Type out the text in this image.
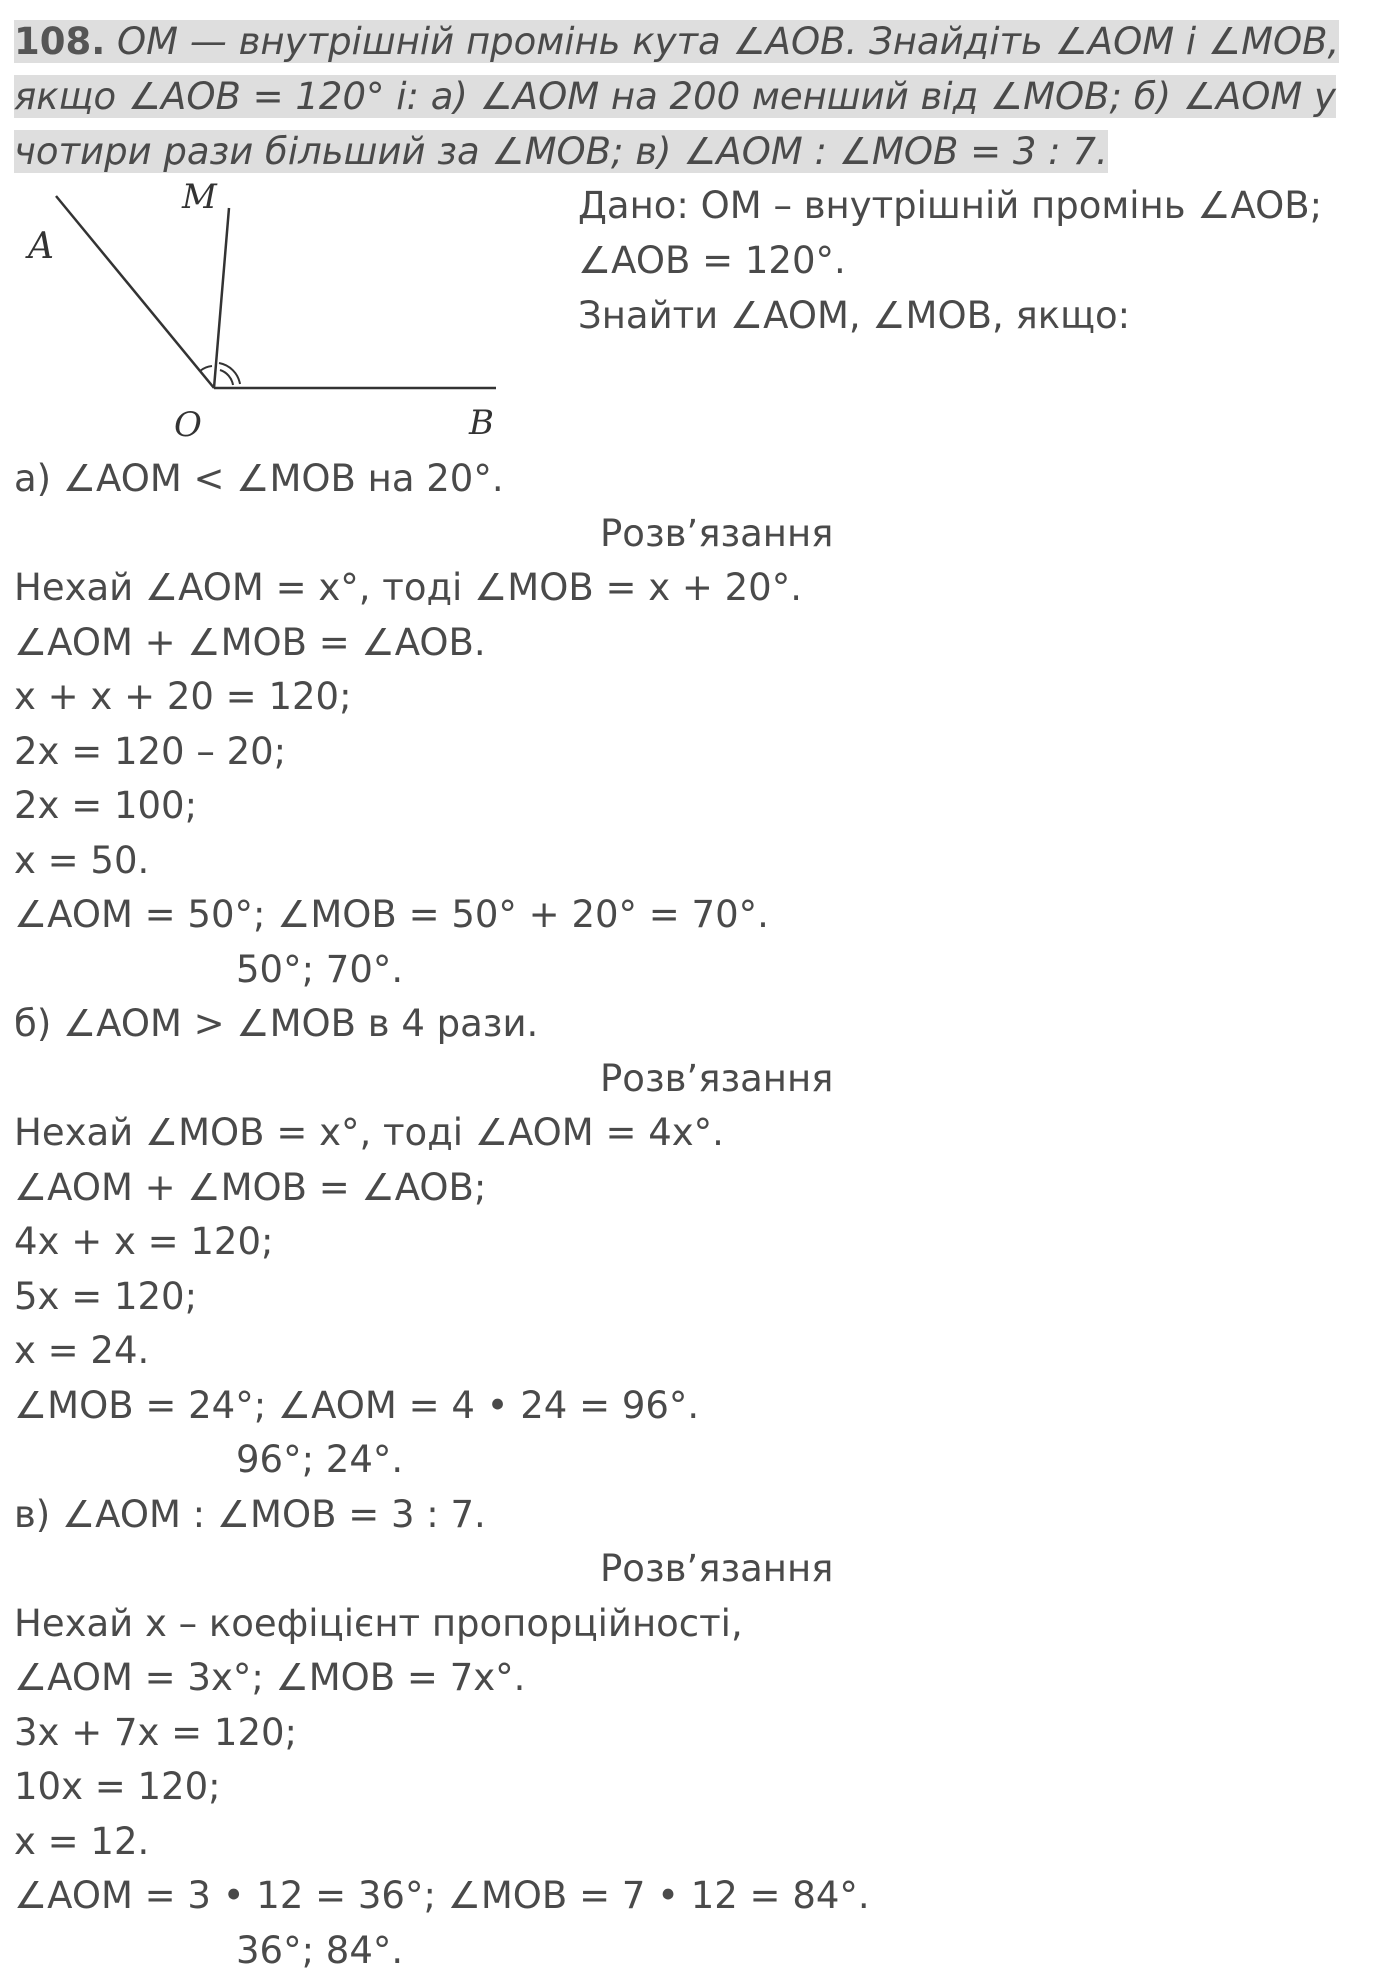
108. ОМ — внутрішній промінь кута ∠AOB. Знайдіть ∠AOM і ∠MOB,
якщо ∠AOB = 120° і: а) ∠AOM на 200 менший від ∠MOB; б) ∠AOM у
чотири рази більший за ∠MOB; в) ∠AOM : ∠MOB = 3 : 7.
A
M
O	B
Дано: ОМ – внутрішній промінь ∠AOB;
∠AOB = 120°.
Знайти ∠AOM, ∠MOB, якщо:
а) ∠AOM < ∠MOB на 20°.
Розв’язання
Нехай ∠AOM = x°, тоді ∠MOB = x + 20°.
∠AOM + ∠MOB = ∠AOB.
x + x + 20 = 120;
2x = 120 – 20;
2x = 100;
x = 50.
∠AOM = 50°; ∠MOB = 50° + 20° = 70°.
50°; 70°.
б) ∠AOM > ∠MOB в 4 рази.
Розв’язання
Нехай ∠MOB = x°, тоді ∠AOM = 4x°.
∠AOM + ∠MOB = ∠AOB;
4x + x = 120;
5x = 120;
x = 24.
∠MOB = 24°; ∠AOM = 4 • 24 = 96°.
96°; 24°.
в) ∠AOM : ∠MOB = 3 : 7.
Розв’язання
Нехай x – коефіцієнт пропорційності,
∠AOM = 3x°; ∠MOB = 7x°.
3x + 7x = 120;
10x = 120;
x = 12.
∠AOM = 3 • 12 = 36°; ∠MOB = 7 • 12 = 84°.
36°; 84°.
